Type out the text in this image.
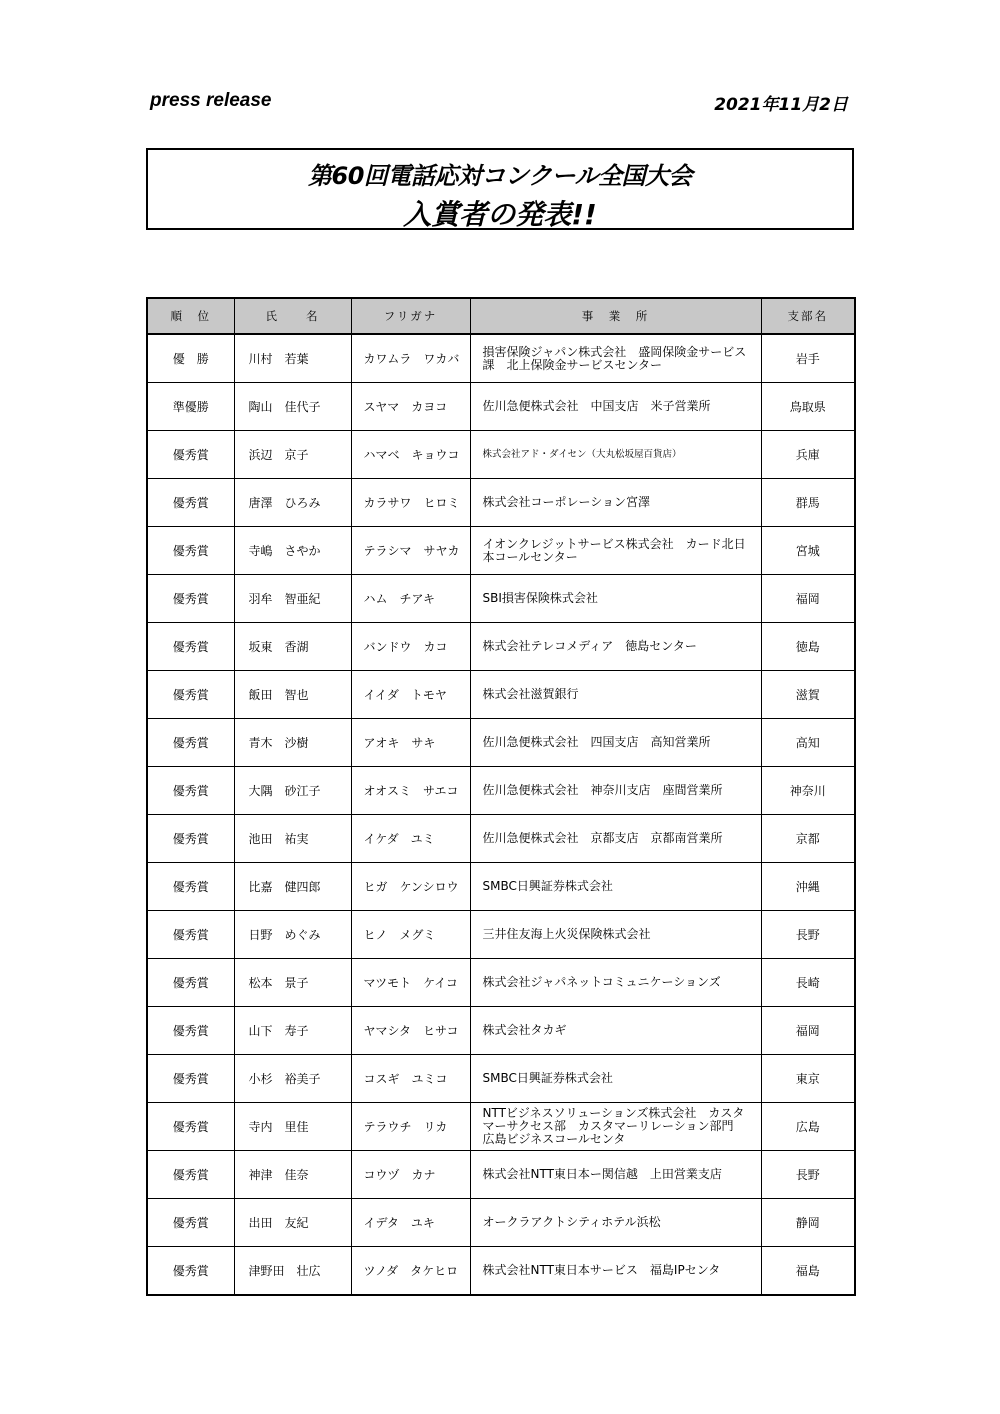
press release	2021年11月2日
第60回電話応対コンクール全国大会
入賞者の発表!!
順　位	氏　　名	フリガナ	事　業　所	支部名
優　勝	川村　若葉	カワムラ　ワカバ	損害保険ジャパン株式会社　盛岡保険金サービス課　北上保険金サービスセンター	岩手
準優勝	陶山　佳代子	スヤマ　カヨコ	佐川急便株式会社　中国支店　米子営業所	鳥取県
優秀賞	浜辺　京子	ハマベ　キョウコ	株式会社アド・ダイセン（大丸松坂屋百貨店）	兵庫
優秀賞	唐澤　ひろみ	カラサワ　ヒロミ	株式会社コーポレーション宮澤	群馬
優秀賞	寺嶋　さやか	テラシマ　サヤカ	イオンクレジットサービス株式会社　カード北日本コールセンター	宮城
優秀賞	羽牟　智亜紀	ハム　チアキ	SBI損害保険株式会社	福岡
優秀賞	坂東　香湖	バンドウ　カコ	株式会社テレコメディア　徳島センター	徳島
優秀賞	飯田　智也	イイダ　トモヤ	株式会社滋賀銀行	滋賀
優秀賞	青木　沙樹	アオキ　サキ	佐川急便株式会社　四国支店　高知営業所	高知
優秀賞	大隅　砂江子	オオスミ　サエコ	佐川急便株式会社　神奈川支店　座間営業所	神奈川
優秀賞	池田　祐実	イケダ　ユミ	佐川急便株式会社　京都支店　京都南営業所	京都
優秀賞	比嘉　健四郎	ヒガ　ケンシロウ	SMBC日興証券株式会社	沖縄
優秀賞	日野　めぐみ	ヒノ　メグミ	三井住友海上火災保険株式会社	長野
優秀賞	松本　景子	マツモト　ケイコ	株式会社ジャパネットコミュニケーションズ	長崎
優秀賞	山下　寿子	ヤマシタ　ヒサコ	株式会社タカギ	福岡
優秀賞	小杉　裕美子	コスギ　ユミコ	SMBC日興証券株式会社	東京
優秀賞	寺内　里佳	テラウチ　リカ	NTTビジネスソリューションズ株式会社　カスタマーサクセス部　カスタマーリレーション部門　広島ビジネスコールセンタ	広島
優秀賞	神津　佳奈	コウヅ　カナ	株式会社NTT東日本ー関信越　上田営業支店	長野
優秀賞	出田　友紀	イデタ　ユキ	オークラアクトシティホテル浜松	静岡
優秀賞	津野田　壮広	ツノダ　タケヒロ	株式会社NTT東日本サービス　福島IPセンタ	福島
